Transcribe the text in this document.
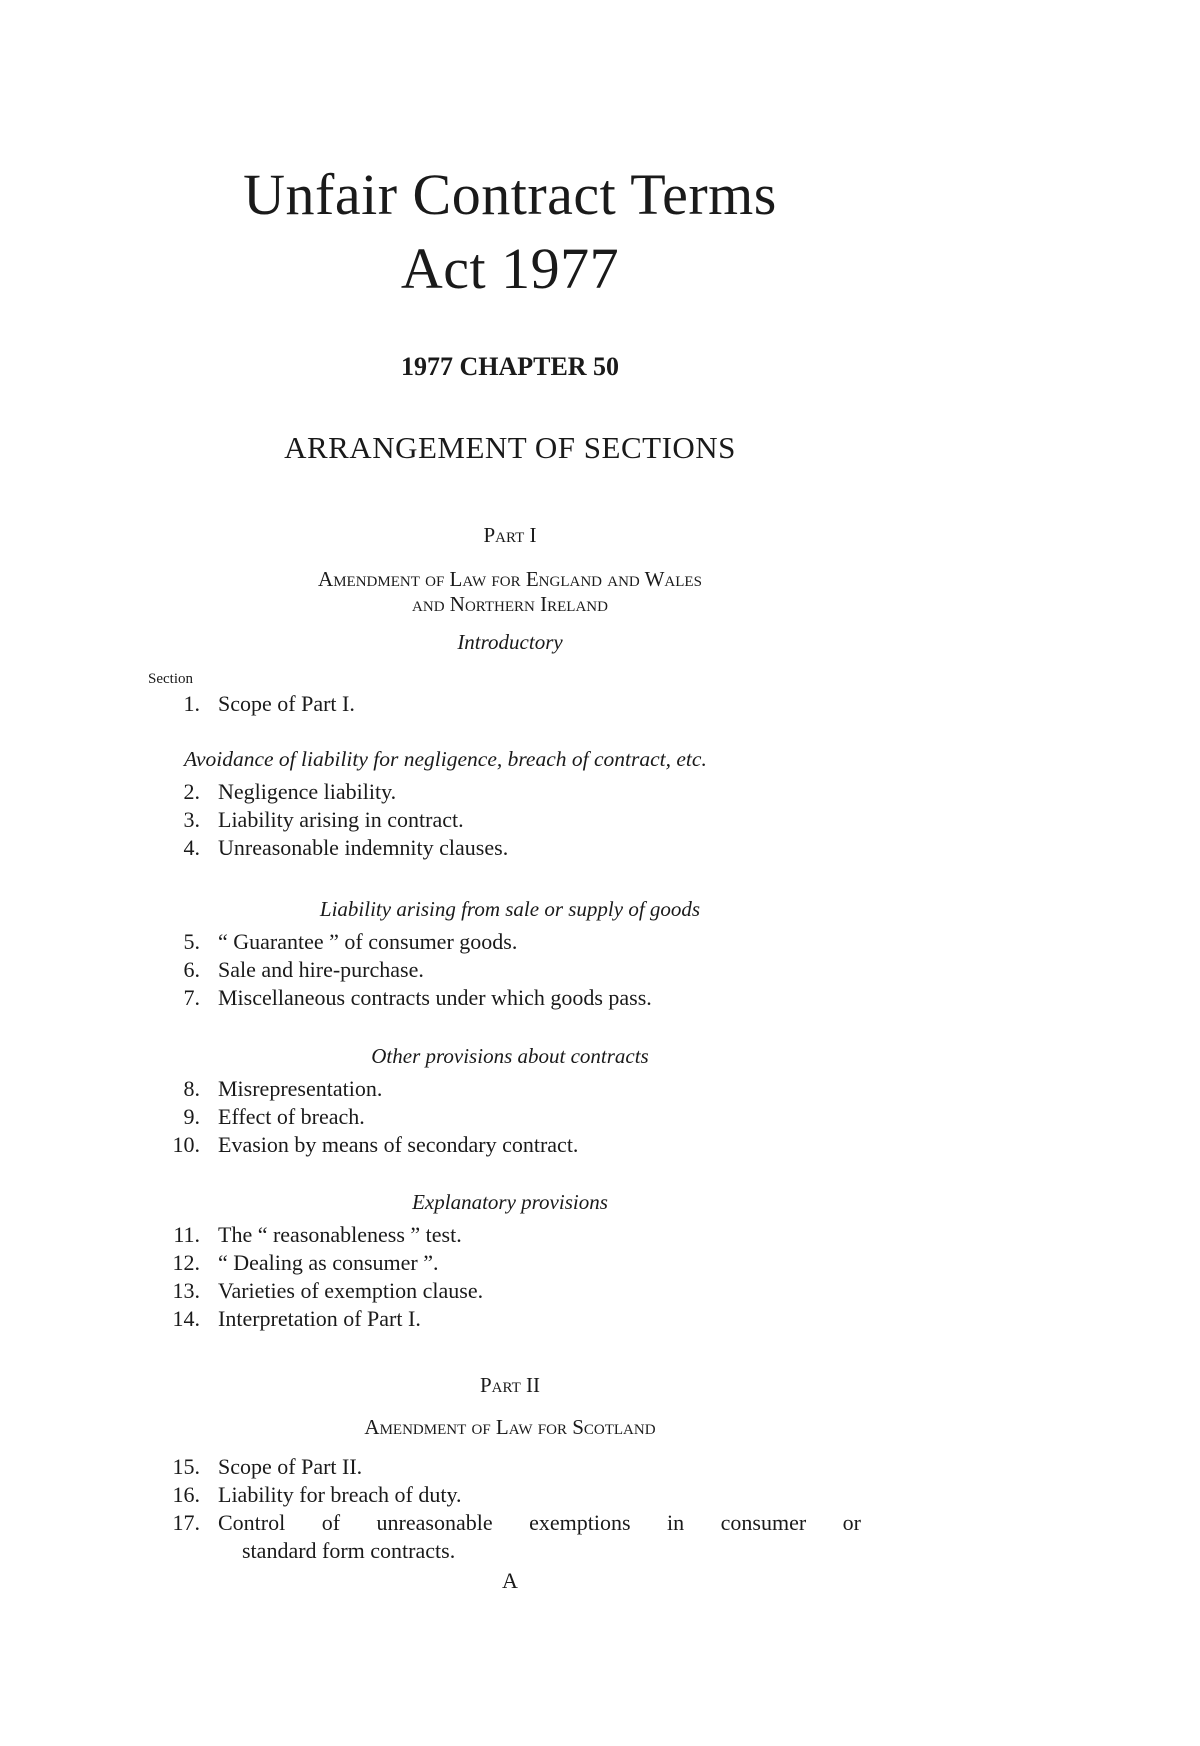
Unfair Contract Terms
Act 1977
1977 CHAPTER 50
ARRANGEMENT OF SECTIONS
Part I
Amendment of Law for England and Wales
and Northern Ireland
Introductory
Section
1. Scope of Part I.
Avoidance of liability for negligence, breach of contract, etc.
2. Negligence liability.
3. Liability arising in contract.
4. Unreasonable indemnity clauses.
Liability arising from sale or supply of goods
5. “ Guarantee ” of consumer goods.
6. Sale and hire-purchase.
7. Miscellaneous contracts under which goods pass.
Other provisions about contracts
8. Misrepresentation.
9. Effect of breach.
10. Evasion by means of secondary contract.
Explanatory provisions
11. The “ reasonableness ” test.
12. “ Dealing as consumer ”.
13. Varieties of exemption clause.
14. Interpretation of Part I.
Part II
Amendment of Law for Scotland
15. Scope of Part II.
16. Liability for breach of duty.
17. Control of unreasonable exemptions in consumer or
standard form contracts.
A
